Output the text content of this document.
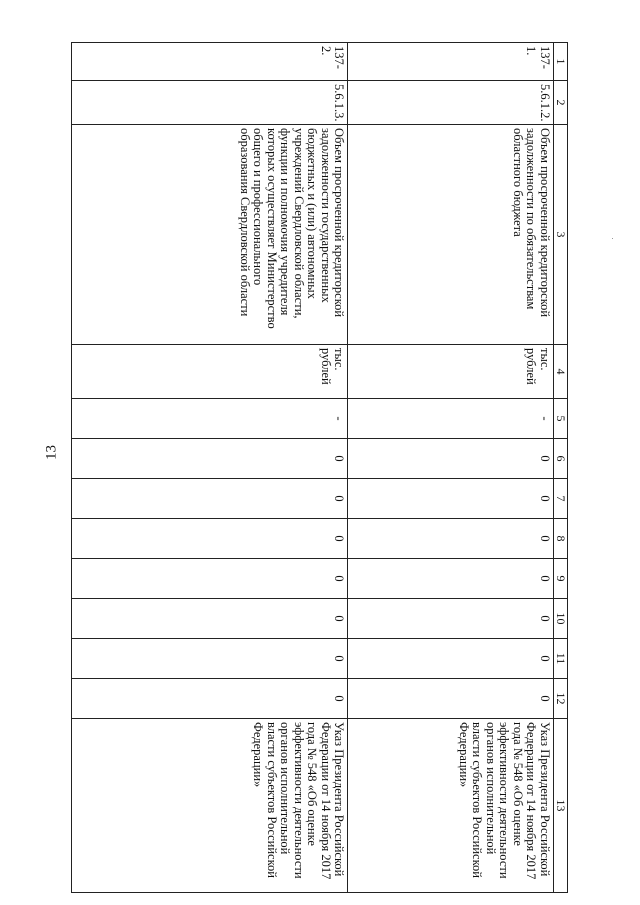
13
1	2	3	4	5	6	7	8	9	10	11	12	13
137-1.	5.6.1.2.	Объем просроченной кредиторской задолженности по обязательствам областного бюджета	тыс. рублей	-	0	0	0	0	0	0	0	Указ Президента Российской Федерации от 14 ноября 2017 года № 548 «Об оценке эффективности деятельности органов исполнительной власти субъектов Российской Федерации»
137-2.	5.6.1.3.	Объем просроченной кредиторской задолженности государственных бюджетных и (или) автономных учреждений Свердловской области, функции и полномочия учредителя которых осуществляет Министерство общего и профессионального образования Свердловской области	тыс. рублей	-	0	0	0	0	0	0	0	Указ Президента Российской Федерации от 14 ноября 2017 года № 548 «Об оценке эффективности деятельности органов исполнительной власти субъектов Российской Федерации»
